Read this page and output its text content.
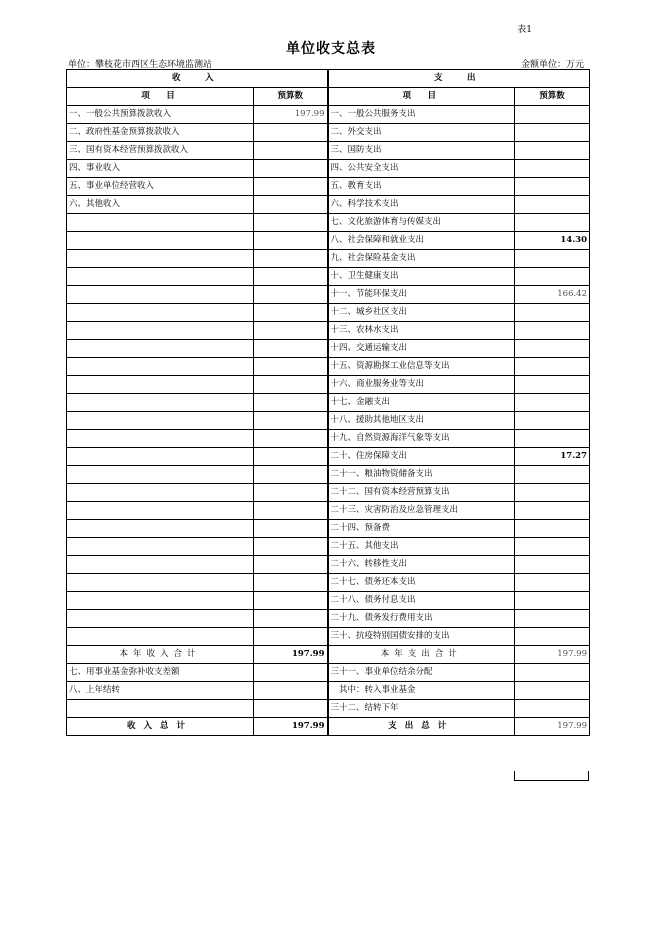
表1
单位收支总表
单位：攀枝花市西区生态环境监测站	金额单位：万元
收　入		支　出	
项　目	预算数	项　目	预算数
一、一般公共预算拨款收入	197.99	一、一般公共服务支出	
二、政府性基金预算拨款收入		二、外交支出	
三、国有资本经营预算拨款收入		三、国防支出	
四、事业收入		四、公共安全支出	
五、事业单位经营收入		五、教育支出	
六、其他收入		六、科学技术支出	
		七、文化旅游体育与传媒支出	
		八、社会保障和就业支出	14.30
		九、社会保险基金支出	
		十、卫生健康支出	
		十一、节能环保支出	166.42
		十二、城乡社区支出	
		十三、农林水支出	
		十四、交通运输支出	
		十五、资源勘探工业信息等支出	
		十六、商业服务业等支出	
		十七、金融支出	
		十八、援助其他地区支出	
		十九、自然资源海洋气象等支出	
		二十、住房保障支出	17.27
		二十一、粮油物资储备支出	
		二十二、国有资本经营预算支出	
		二十三、灾害防治及应急管理支出	
		二十四、预备费	
		二十五、其他支出	
		二十六、转移性支出	
		二十七、债务还本支出	
		二十八、债务付息支出	
		二十九、债务发行费用支出	
		三十、抗疫特别国债安排的支出	
本年收入合计	197.99	本年支出合计	197.99
七、用事业基金弥补收支差额		三十一、事业单位结余分配	
八、上年结转		　其中：转入事业基金	
		三十二、结转下年	
收入总计	197.99	支出总计	197.99
